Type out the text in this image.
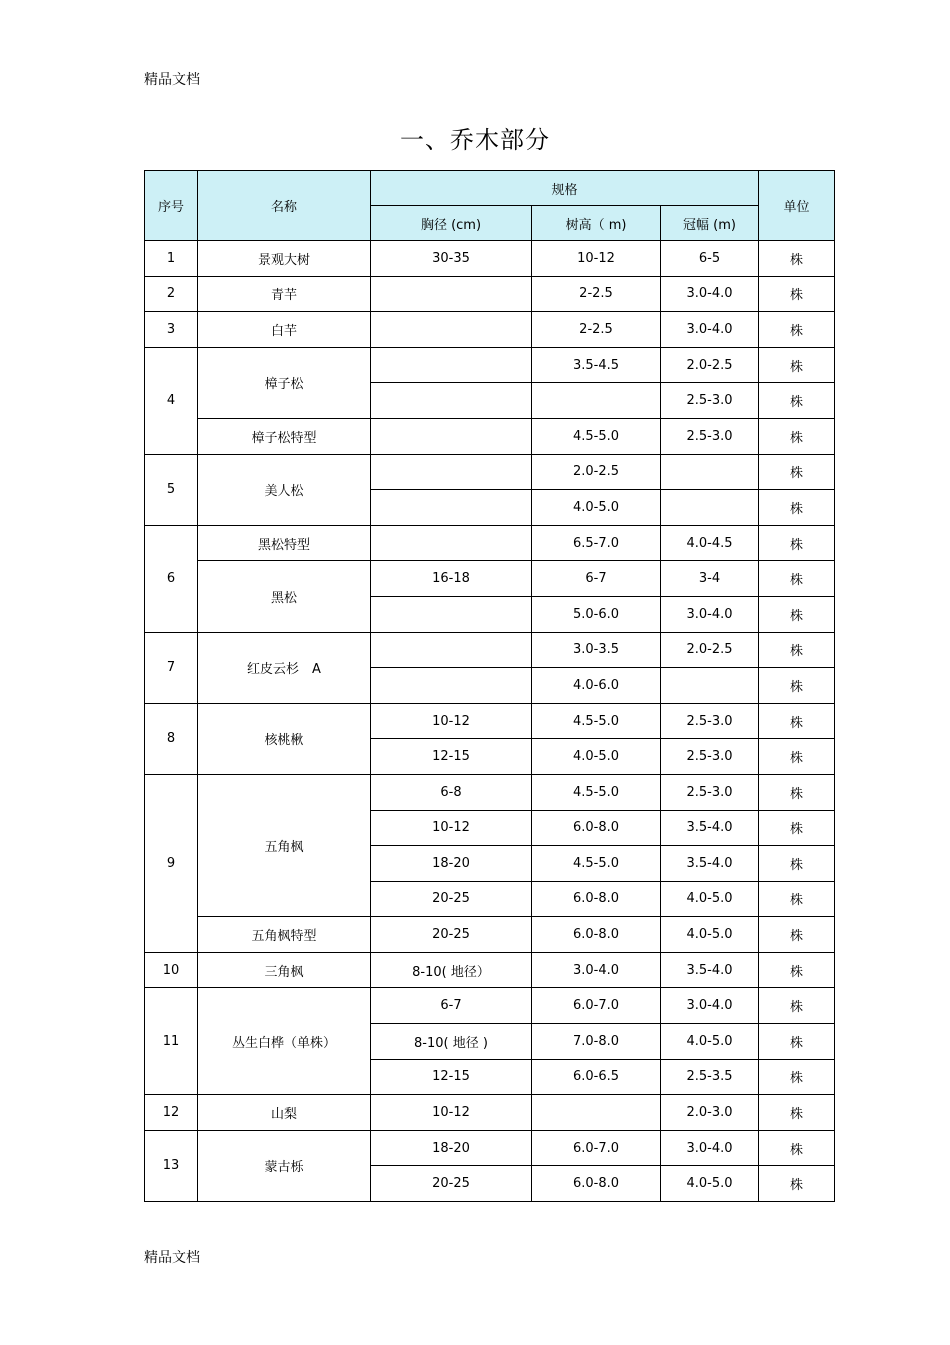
精品文档
一、乔木部分
序号	名称	规格			单位
		胸径 (cm)	树高（ m)	冠幅 (m)	
1	景观大树	30-35	10-12	6-5	株
2	青芉		2-2.5	3.0-4.0	株
3	白芉		2-2.5	3.0-4.0	株
4	樟子松		3.5-4.5	2.0-2.5	株
				2.5-3.0	株
	樟子松特型		4.5-5.0	2.5-3.0	株
5	美人松		2.0-2.5		株
			4.0-5.0		株
6	黑松特型		6.5-7.0	4.0-4.5	株
	黑松	16-18	6-7	3-4	株
			5.0-6.0	3.0-4.0	株
7	红皮云杉　A		3.0-3.5	2.0-2.5	株
			4.0-6.0		株
8	核桃楸	10-12	4.5-5.0	2.5-3.0	株
		12-15	4.0-5.0	2.5-3.0	株
9	五角枫	6-8	4.5-5.0	2.5-3.0	株
		10-12	6.0-8.0	3.5-4.0	株
		18-20	4.5-5.0	3.5-4.0	株
		20-25	6.0-8.0	4.0-5.0	株
	五角枫特型	20-25	6.0-8.0	4.0-5.0	株
10	三角枫	8-10( 地径）	3.0-4.0	3.5-4.0	株
11	丛生白桦（单株）	6-7	6.0-7.0	3.0-4.0	株
		8-10( 地径 )	7.0-8.0	4.0-5.0	株
		12-15	6.0-6.5	2.5-3.5	株
12	山梨	10-12		2.0-3.0	株
13	蒙古栎	18-20	6.0-7.0	3.0-4.0	株
		20-25	6.0-8.0	4.0-5.0	株
精品文档
